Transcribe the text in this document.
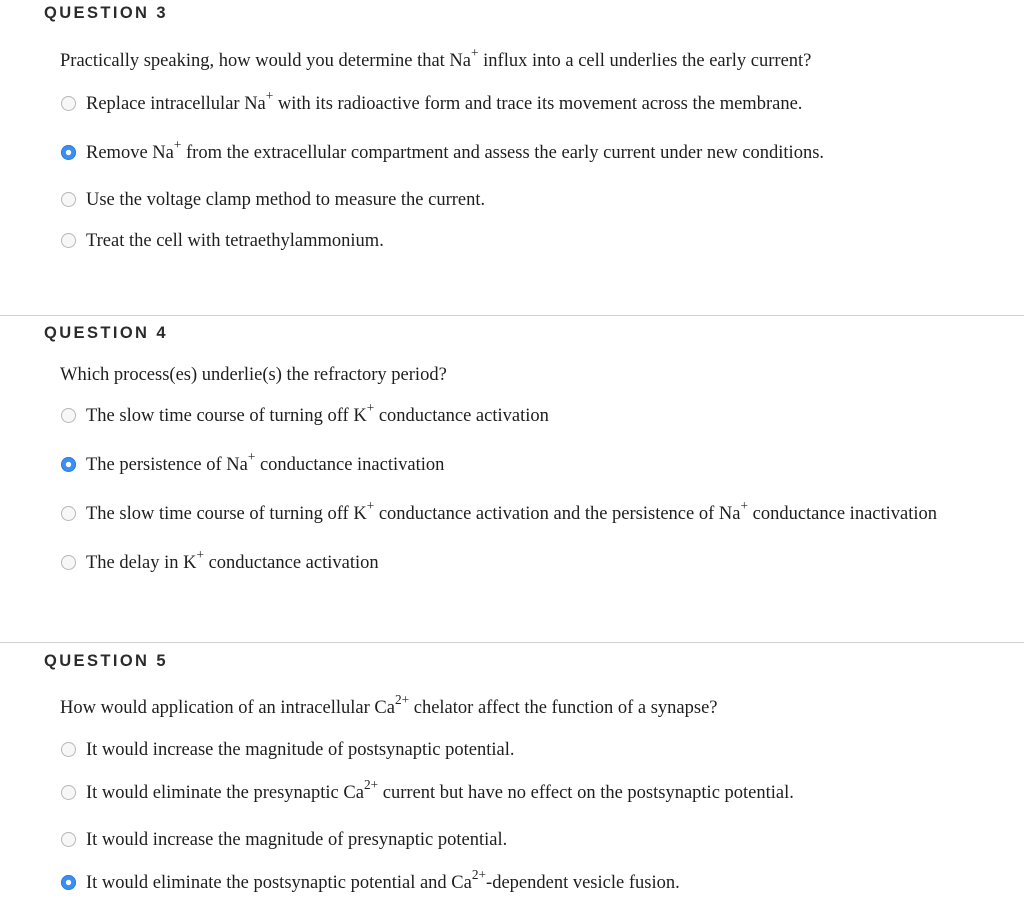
QUESTION 3
Practically speaking, how would you determine that Na+ influx into a cell underlies the early current?
Replace intracellular Na+ with its radioactive form and trace its movement across the membrane.
Remove Na+ from the extracellular compartment and assess the early current under new conditions.
Use the voltage clamp method to measure the current.
Treat the cell with tetraethylammonium.
QUESTION 4
Which process(es) underlie(s) the refractory period?
The slow time course of turning off K+ conductance activation
The persistence of Na+ conductance inactivation
The slow time course of turning off K+ conductance activation and the persistence of Na+ conductance inactivation
The delay in K+ conductance activation
QUESTION 5
How would application of an intracellular $Ca^{2+}$ chelator affect the function of a synapse?
It would increase the magnitude of postsynaptic potential.
It would eliminate the presynaptic $Ca^{2+}$ current but have no effect on the postsynaptic potential.
It would increase the magnitude of presynaptic potential.
It would eliminate the postsynaptic potential and $Ca^{2+}$-dependent vesicle fusion.
